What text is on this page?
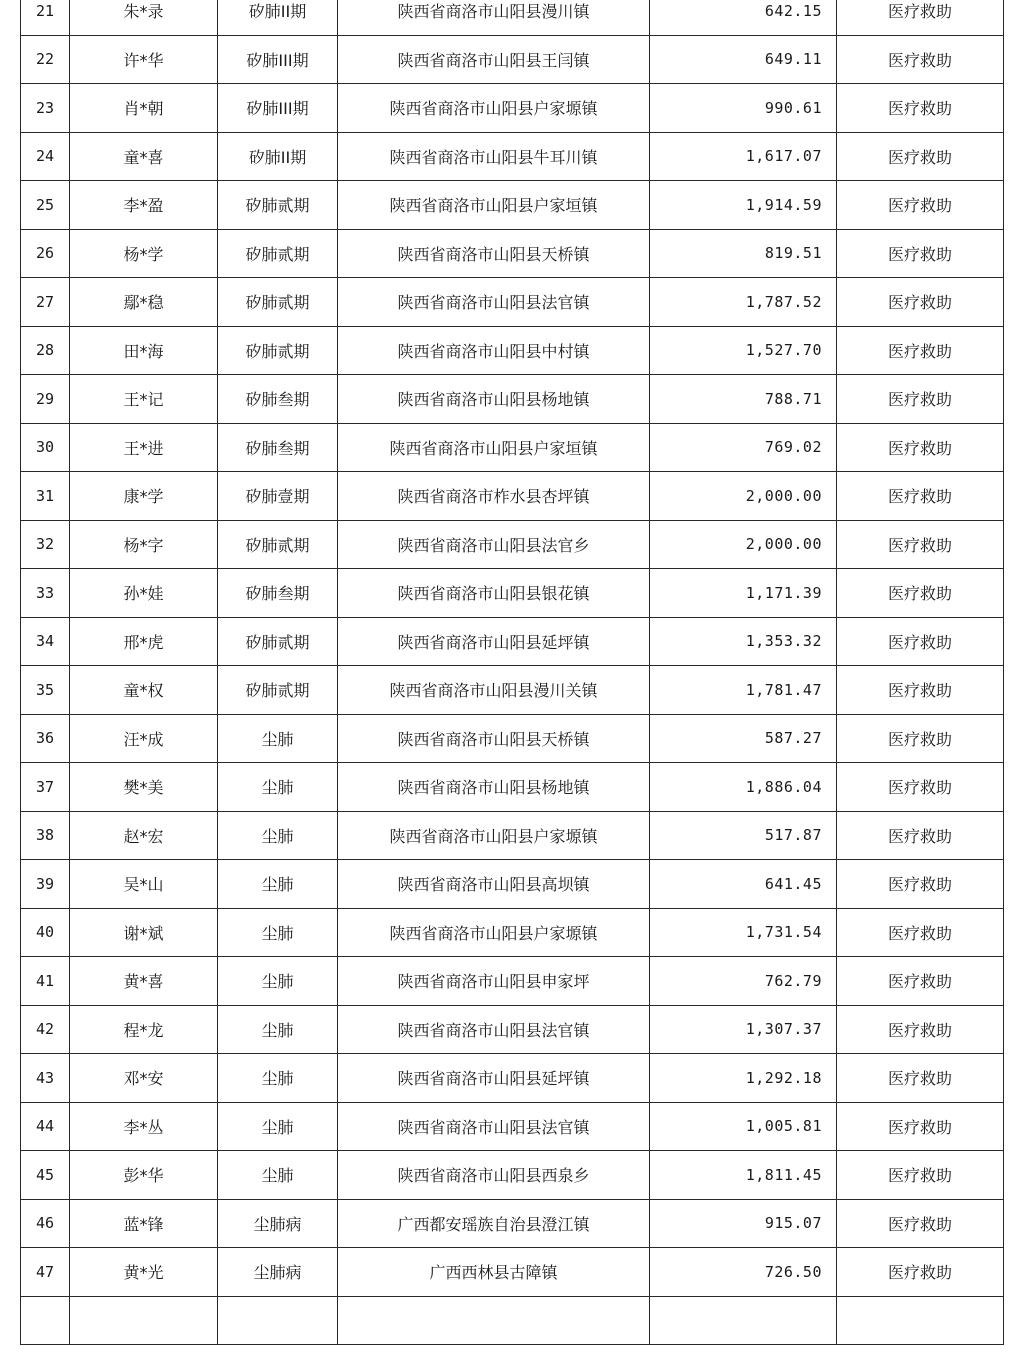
21	朱*录	矽肺II期	陕西省商洛市山阳县漫川镇	642.15	医疗救助
22	许*华	矽肺III期	陕西省商洛市山阳县王闫镇	649.11	医疗救助
23	肖*朝	矽肺III期	陕西省商洛市山阳县户家塬镇	990.61	医疗救助
24	童*喜	矽肺II期	陕西省商洛市山阳县牛耳川镇	1,617.07	医疗救助
25	李*盈	矽肺贰期	陕西省商洛市山阳县户家垣镇	1,914.59	医疗救助
26	杨*学	矽肺贰期	陕西省商洛市山阳县天桥镇	819.51	医疗救助
27	鄢*稳	矽肺贰期	陕西省商洛市山阳县法官镇	1,787.52	医疗救助
28	田*海	矽肺贰期	陕西省商洛市山阳县中村镇	1,527.70	医疗救助
29	王*记	矽肺叁期	陕西省商洛市山阳县杨地镇	788.71	医疗救助
30	王*进	矽肺叁期	陕西省商洛市山阳县户家垣镇	769.02	医疗救助
31	康*学	矽肺壹期	陕西省商洛市柞水县杏坪镇	2,000.00	医疗救助
32	杨*字	矽肺贰期	陕西省商洛市山阳县法官乡	2,000.00	医疗救助
33	孙*娃	矽肺叁期	陕西省商洛市山阳县银花镇	1,171.39	医疗救助
34	邢*虎	矽肺贰期	陕西省商洛市山阳县延坪镇	1,353.32	医疗救助
35	童*权	矽肺贰期	陕西省商洛市山阳县漫川关镇	1,781.47	医疗救助
36	汪*成	尘肺	陕西省商洛市山阳县天桥镇	587.27	医疗救助
37	樊*美	尘肺	陕西省商洛市山阳县杨地镇	1,886.04	医疗救助
38	赵*宏	尘肺	陕西省商洛市山阳县户家塬镇	517.87	医疗救助
39	吴*山	尘肺	陕西省商洛市山阳县高坝镇	641.45	医疗救助
40	谢*斌	尘肺	陕西省商洛市山阳县户家塬镇	1,731.54	医疗救助
41	黄*喜	尘肺	陕西省商洛市山阳县申家坪	762.79	医疗救助
42	程*龙	尘肺	陕西省商洛市山阳县法官镇	1,307.37	医疗救助
43	邓*安	尘肺	陕西省商洛市山阳县延坪镇	1,292.18	医疗救助
44	李*丛	尘肺	陕西省商洛市山阳县法官镇	1,005.81	医疗救助
45	彭*华	尘肺	陕西省商洛市山阳县西泉乡	1,811.45	医疗救助
46	蓝*锋	尘肺病	广西都安瑶族自治县澄江镇	915.07	医疗救助
47	黄*光	尘肺病	广西西林县古障镇	726.50	医疗救助
